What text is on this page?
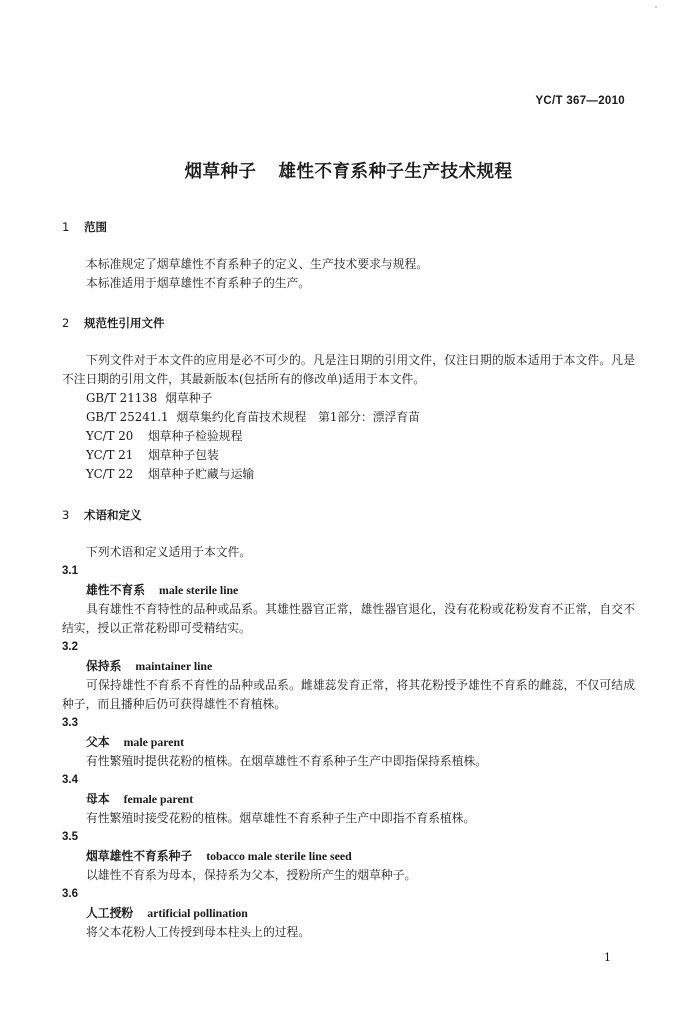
YC/T 367—2010
烟草种子 雄性不育系种子生产技术规程
1 范围

本标准规定了烟草雄性不育系种子的定义、生产技术要求与规程。

本标准适用于烟草雄性不育系种子的生产。

2 规范性引用文件

下列文件对于本文件的应用是必不可少的。凡是注日期的引用文件，仅注日期的版本适用于本文件。凡是不注日期的引用文件，其最新版本(包括所有的修改单)适用于本文件。

GB/T 21138 烟草种子
GB/T 25241.1 烟草集约化育苗技术规程　第1部分：漂浮育苗
YC/T 20 烟草种子检验规程
YC/T 21 烟草种子包装
YC/T 22 烟草种子贮藏与运输
3 术语和定义

下列术语和定义适用于本文件。

3.1
雄性不育系 male sterile line

具有雄性不育特性的品种或品系。其雄性器官正常，雄性器官退化，没有花粉或花粉发育不正常，自交不结实，授以正常花粉即可受精结实。

3.2
保持系 maintainer line

可保持雄性不育系不育性的品种或品系。雌雄蕊发育正常，将其花粉授予雄性不育系的雌蕊，不仅可结成种子，而且播种后仍可获得雄性不育植株。

3.3
父本 male parent

有性繁殖时提供花粉的植株。在烟草雄性不育系种子生产中即指保持系植株。

3.4
母本 female parent

有性繁殖时接受花粉的植株。烟草雄性不育系种子生产中即指不育系植株。

3.5
烟草雄性不育系种子 tobacco male sterile line seed

以雄性不育系为母本，保持系为父本，授粉所产生的烟草种子。

3.6
人工授粉 artificial pollination

将父本花粉人工传授到母本柱头上的过程。

1
